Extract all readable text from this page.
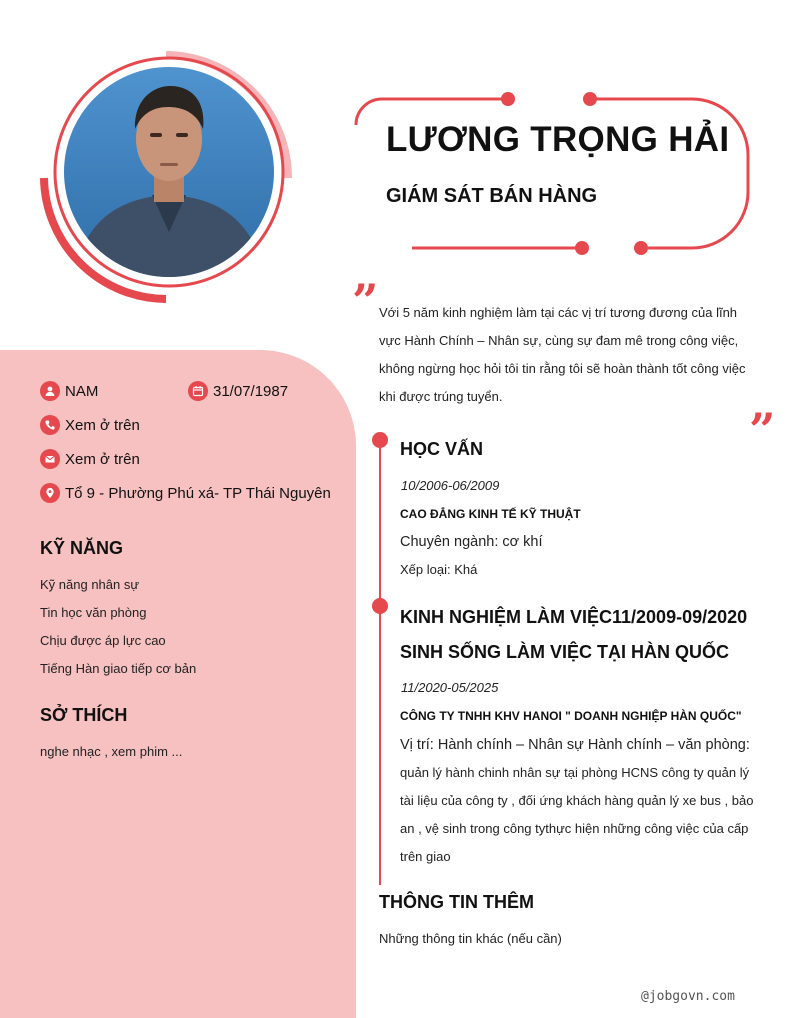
LƯƠNG TRỌNG HẢI
GIÁM SÁT BÁN HÀNG
”
”
Với 5 năm kinh nghiệm làm tại các vị trí tương đương của lĩnh vực Hành Chính – Nhân sự, cùng sự đam mê trong công việc, không ngừng học hỏi tôi tin rằng tôi sẽ hoàn thành tốt công việc khi được trúng tuyển.
NAM	31/07/1987
Xem ở trên
Xem ở trên
Tổ 9 - Phường Phú xá- TP Thái Nguyên
KỸ NĂNG
Kỹ năng nhân sự
Tin học văn phòng
Chịu được áp lực cao
Tiếng Hàn giao tiếp cơ bản
SỞ THÍCH
nghe nhạc , xem phim ...
HỌC VẤN
10/2006-06/2009
CAO ĐẲNG KINH TẾ KỸ THUẬT
Chuyên ngành: cơ khí
Xếp loại: Khá
KINH NGHIỆM LÀM VIỆC11/2009-09/2020 SINH SỐNG LÀM VIỆC TẠI HÀN QUỐC
11/2020-05/2025
CÔNG TY TNHH KHV HANOI " DOANH NGHIỆP HÀN QUỐC"
Vị trí: Hành chính – Nhân sự Hành chính – văn phòng:
quản lý hành chinh nhân sự tại phòng HCNS công ty quản lý tài liệu của công ty , đối ứng khách hàng quản lý xe bus , bảo an , vệ sinh trong công tythực hiện những công việc của cấp trên giao
THÔNG TIN THÊM
Những thông tin khác (nếu cần)
@jobgovn.com
